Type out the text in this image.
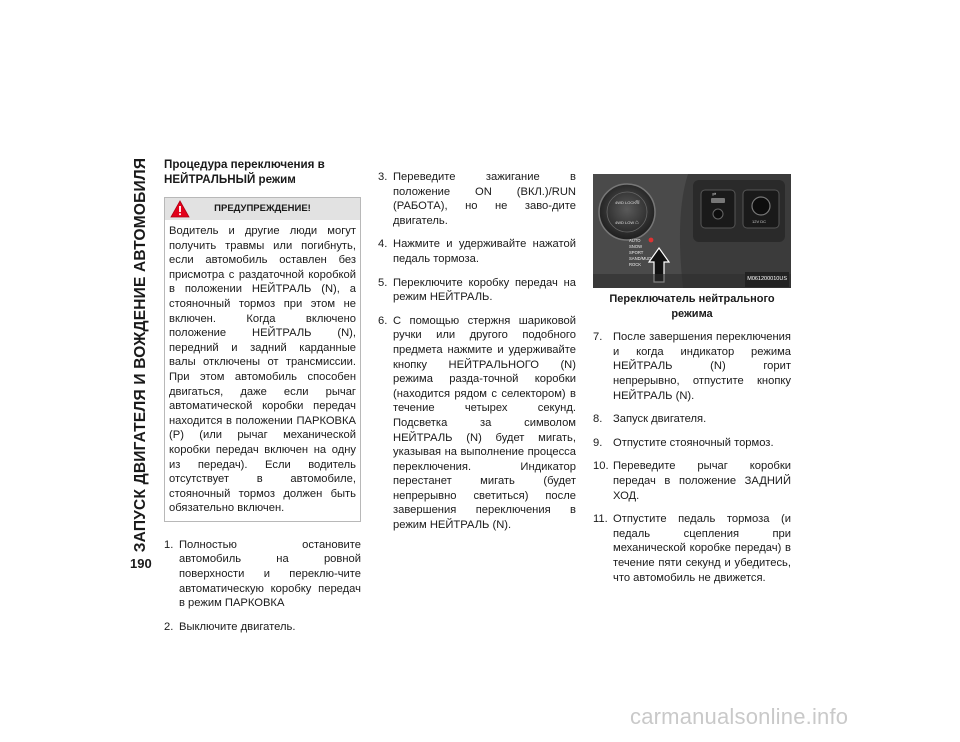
ЗАПУСК ДВИГАТЕЛЯ И ВОЖДЕНИЕ АВТОМОБИЛЯ
190
Процедура переключения в НЕЙТРАЛЬНЫЙ режим
ПРЕДУПРЕЖДЕНИЕ!
Водитель и другие люди могут получить травмы или погибнуть, если автомобиль оставлен без присмотра с раздаточной коробкой в положении НЕЙТРАЛЬ (N), а стояночный тормоз при этом не включен. Когда включено положение НЕЙТРАЛЬ (N), передний и задний карданные валы отключены от трансмиссии. При этом автомобиль способен двигаться, даже если рычаг автоматической коробки передач находится в положении ПАРКОВКА (P) (или рычаг механической коробки передач включен на одну из передач). Если водитель отсутствует в автомобиле, стояночный тормоз должен быть обязательно включен.
1. Полностью остановите автомобиль на ровной поверхности и переклю-чите автоматическую коробку передач в режим ПАРКОВКА
2. Выключите двигатель.
3. Переведите зажигание в положение ON (ВКЛ.)/RUN (РАБОТА), но не заво-дите двигатель.
4. Нажмите и удерживайте нажатой педаль тормоза.
5. Переключите коробку передач на режим НЕЙТРАЛЬ.
6. С помощью стержня шариковой ручки или другого подобного предмета нажмите и удерживайте кнопку НЕЙТРАЛЬНОГО (N) режима разда-точной коробки (находится рядом с селектором) в течение четырех секунд. Подсветка за символом НЕЙТРАЛЬ (N) будет мигать, указывая на выполнение процесса переключения. Индикатор перестанет мигать (будет непрерывно светиться) после завершения переключения в режим НЕЙТРАЛЬ (N).
4WD LOCK
4WD LOW
≋
⌂
AUTO
SNOW
SPORT
SAND/MUD
ROCK
⇌
12V DC
M061200010US
Переключатель нейтрального режима
7. После завершения переключения и когда индикатор режима НЕЙТРАЛЬ (N) горит непрерывно, отпустите кнопку НЕЙТРАЛЬ (N).
8. Запуск двигателя.
9. Отпустите стояночный тормоз.
10. Переведите рычаг коробки передач в положение ЗАДНИЙ ХОД.
11. Отпустите педаль тормоза (и педаль сцепления при механической коробке передач) в течение пяти секунд и убедитесь, что автомобиль не движется.
carmanualsonline.info
